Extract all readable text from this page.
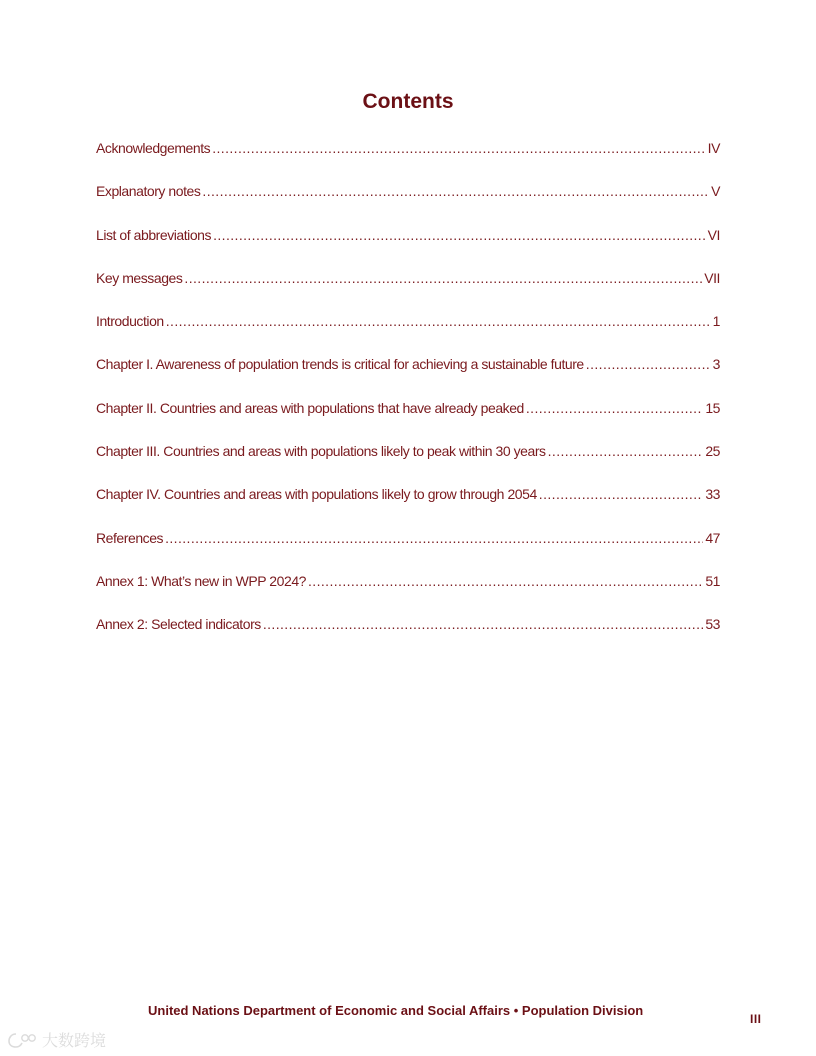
Contents
Acknowledgements .....	IV
Explanatory notes .....	V
List of abbreviations .....	VI
Key messages .....	VII
Introduction .....	1
Chapter I. Awareness of population trends is critical for achieving a sustainable future .....	3
Chapter II. Countries and areas with populations that have already peaked .....	15
Chapter III. Countries and areas with populations likely to peak within 30 years .....	25
Chapter IV. Countries and areas with populations likely to grow through 2054 .....	33
References .....	47
Annex 1: What’s new in WPP 2024? .....	51
Annex 2: Selected indicators .....	53
United Nations Department of Economic and Social Affairs • Population Division
III
大数跨境
